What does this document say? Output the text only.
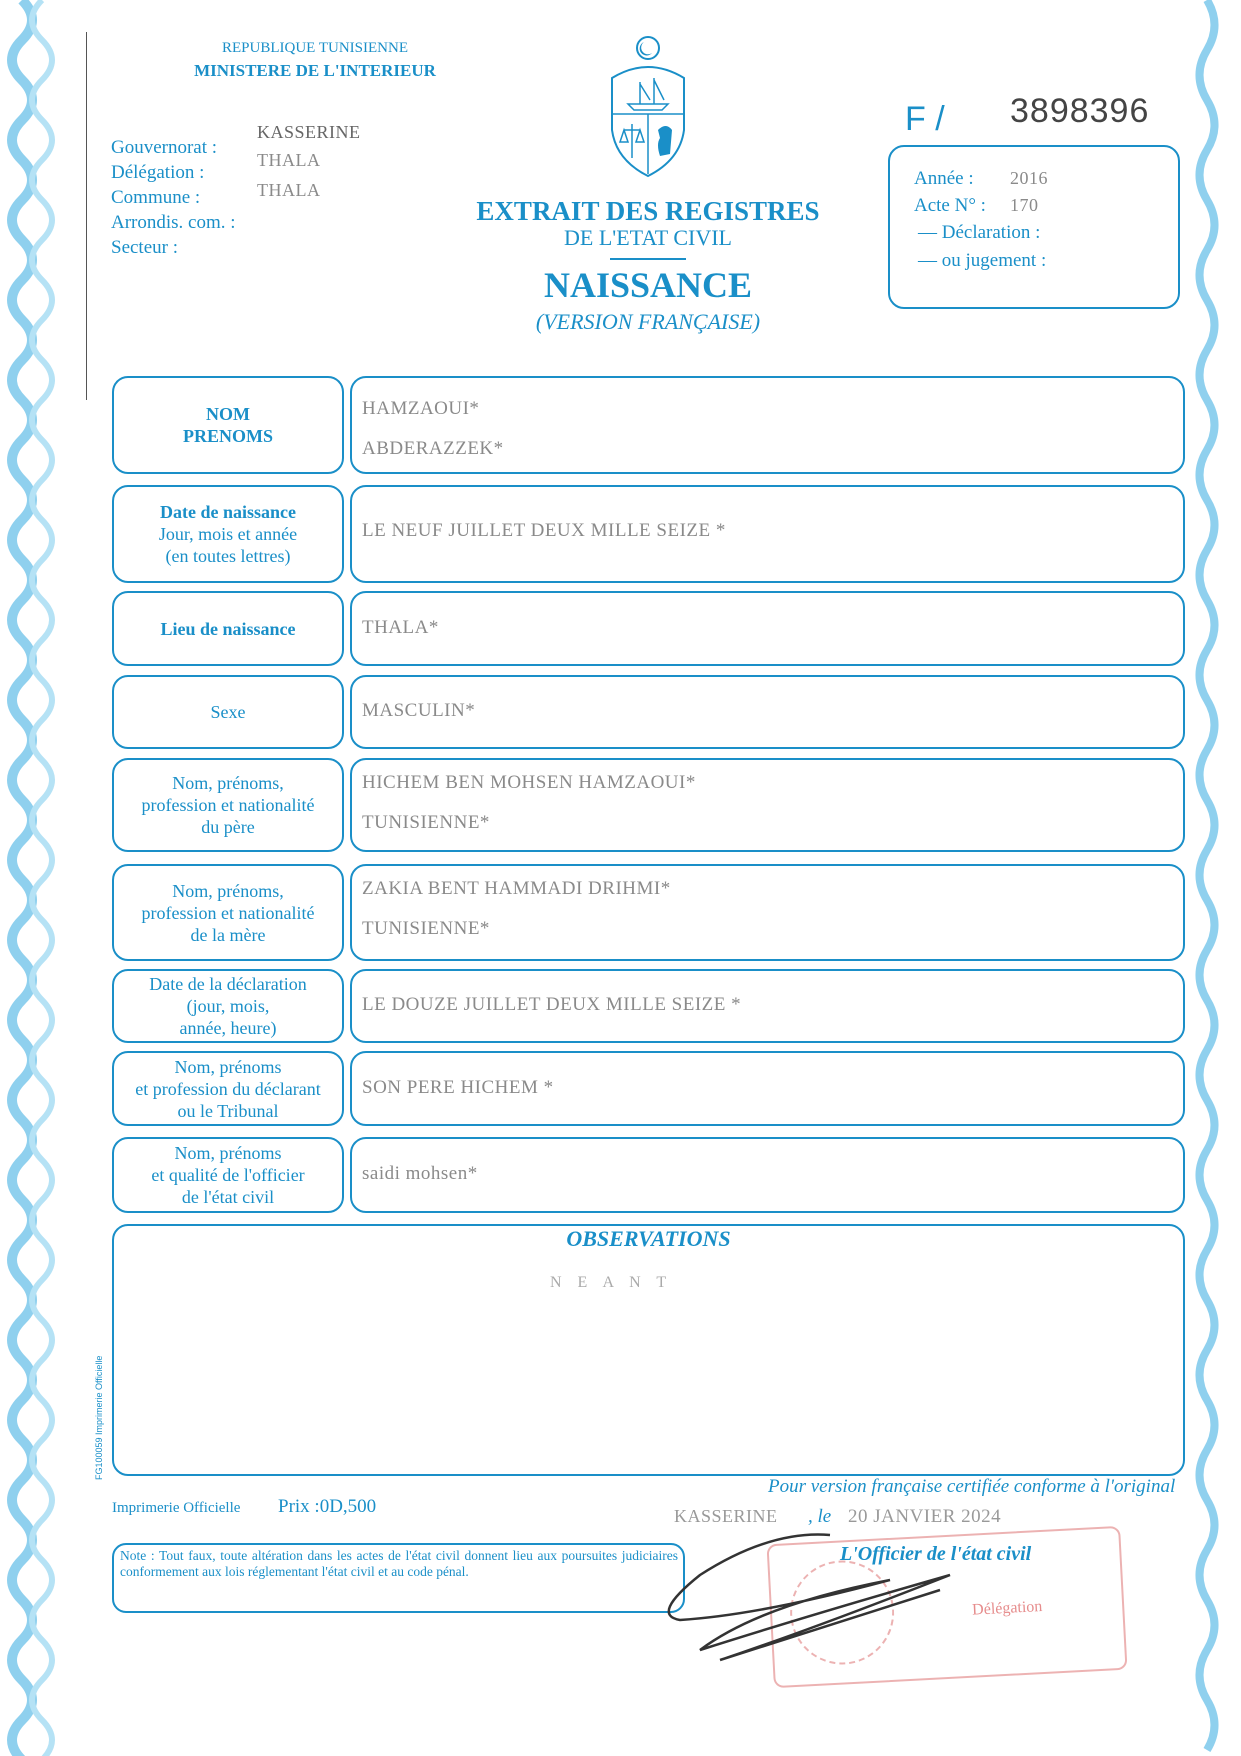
REPUBLIQUE TUNISIENNE
MINISTERE DE L'INTERIEUR
Gouvernorat :
Délégation :
Commune :
Arrondis. com. :
Secteur :
KASSERINE
THALA
THALA
EXTRAIT DES REGISTRES
DE L'ETAT CIVIL
NAISSANCE
(VERSION FRANÇAISE)
F / 3898396
Année : 2016
Acte N° : 170
— Déclaration :
— ou jugement :
NOM
PRENOMS
HAMZAOUI*
ABDERAZZEK*
Date de naissance
Jour, mois et année
(en toutes lettres)
LE NEUF JUILLET DEUX MILLE SEIZE *
Lieu de naissance	THALA*
Sexe	MASCULIN*
Nom, prénoms,
profession et nationalité
du père
HICHEM BEN MOHSEN HAMZAOUI*
TUNISIENNE*
Nom, prénoms,
profession et nationalité
de la mère
ZAKIA BENT HAMMADI DRIHMI*
TUNISIENNE*
Date de la déclaration
(jour, mois,
année, heure)
LE DOUZE JUILLET DEUX MILLE SEIZE *
Nom, prénoms
et profession du déclarant
ou le Tribunal
SON PERE HICHEM *
Nom, prénoms
et qualité de l'officier
de l'état civil
saidi mohsen*
OBSERVATIONS
N E A N T
FG100059 Imprimerie Officielle
Imprimerie Officielle Prix :0D,500
Pour version française certifiée conforme à l'original
KASSERINE , le 20 JANVIER 2024
Note : Tout faux, toute altération dans les actes de l'état civil donnent lieu aux poursuites judiciaires conformement aux lois réglementant l'état civil et au code pénal.
Délégation
L'Officier de l'état civil
